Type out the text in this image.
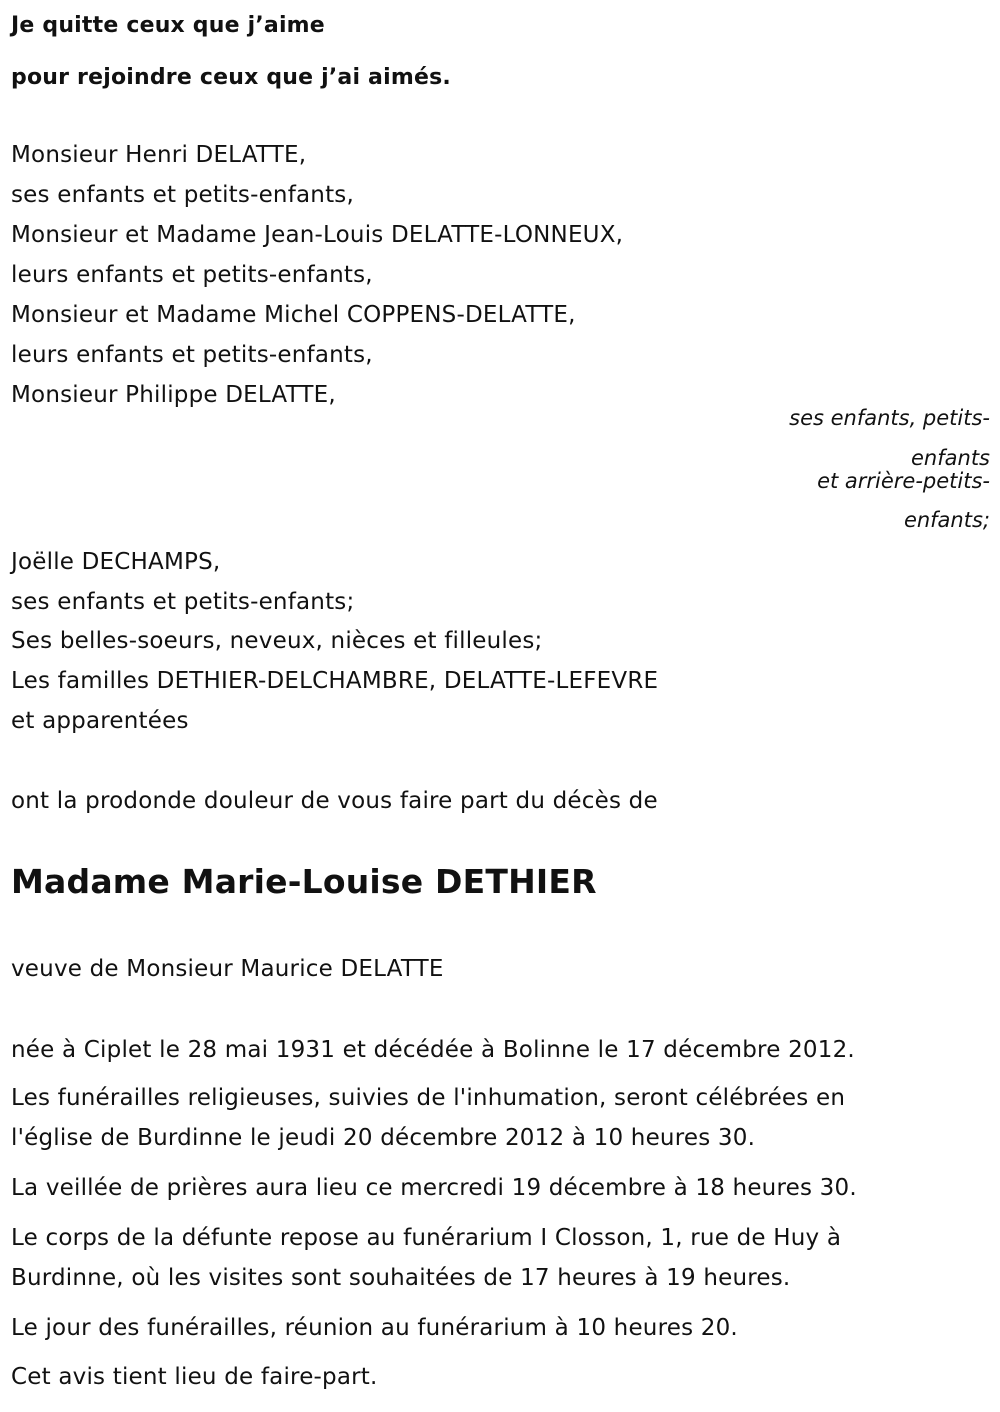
Je quitte ceux que j’aime
pour rejoindre ceux que j’ai aimés.
Monsieur Henri DELATTE,
ses enfants et petits-enfants,
Monsieur et Madame Jean-Louis DELATTE-LONNEUX,
leurs enfants et petits-enfants,
Monsieur et Madame Michel COPPENS-DELATTE,
leurs enfants et petits-enfants,
Monsieur Philippe DELATTE,
ses enfants, petits-
enfants
et arrière-petits-
enfants;
Joëlle DECHAMPS,
ses enfants et petits-enfants;
Ses belles-soeurs, neveux, nièces et filleules;
Les familles DETHIER-DELCHAMBRE, DELATTE-LEFEVRE
et apparentées
ont la prodonde douleur de vous faire part du décès de
Madame Marie-Louise DETHIER
veuve de Monsieur Maurice DELATTE
née à Ciplet le 28 mai 1931 et décédée à Bolinne le 17 décembre 2012.
Les funérailles religieuses, suivies de l'inhumation, seront célébrées en
l'église de Burdinne le jeudi 20 décembre 2012 à 10 heures 30.
La veillée de prières aura lieu ce mercredi 19 décembre à 18 heures 30.
Le corps de la défunte repose au funérarium I Closson, 1, rue de Huy à
Burdinne, où les visites sont souhaitées de 17 heures à 19 heures.
Le jour des funérailles, réunion au funérarium à 10 heures 20.
Cet avis tient lieu de faire-part.
